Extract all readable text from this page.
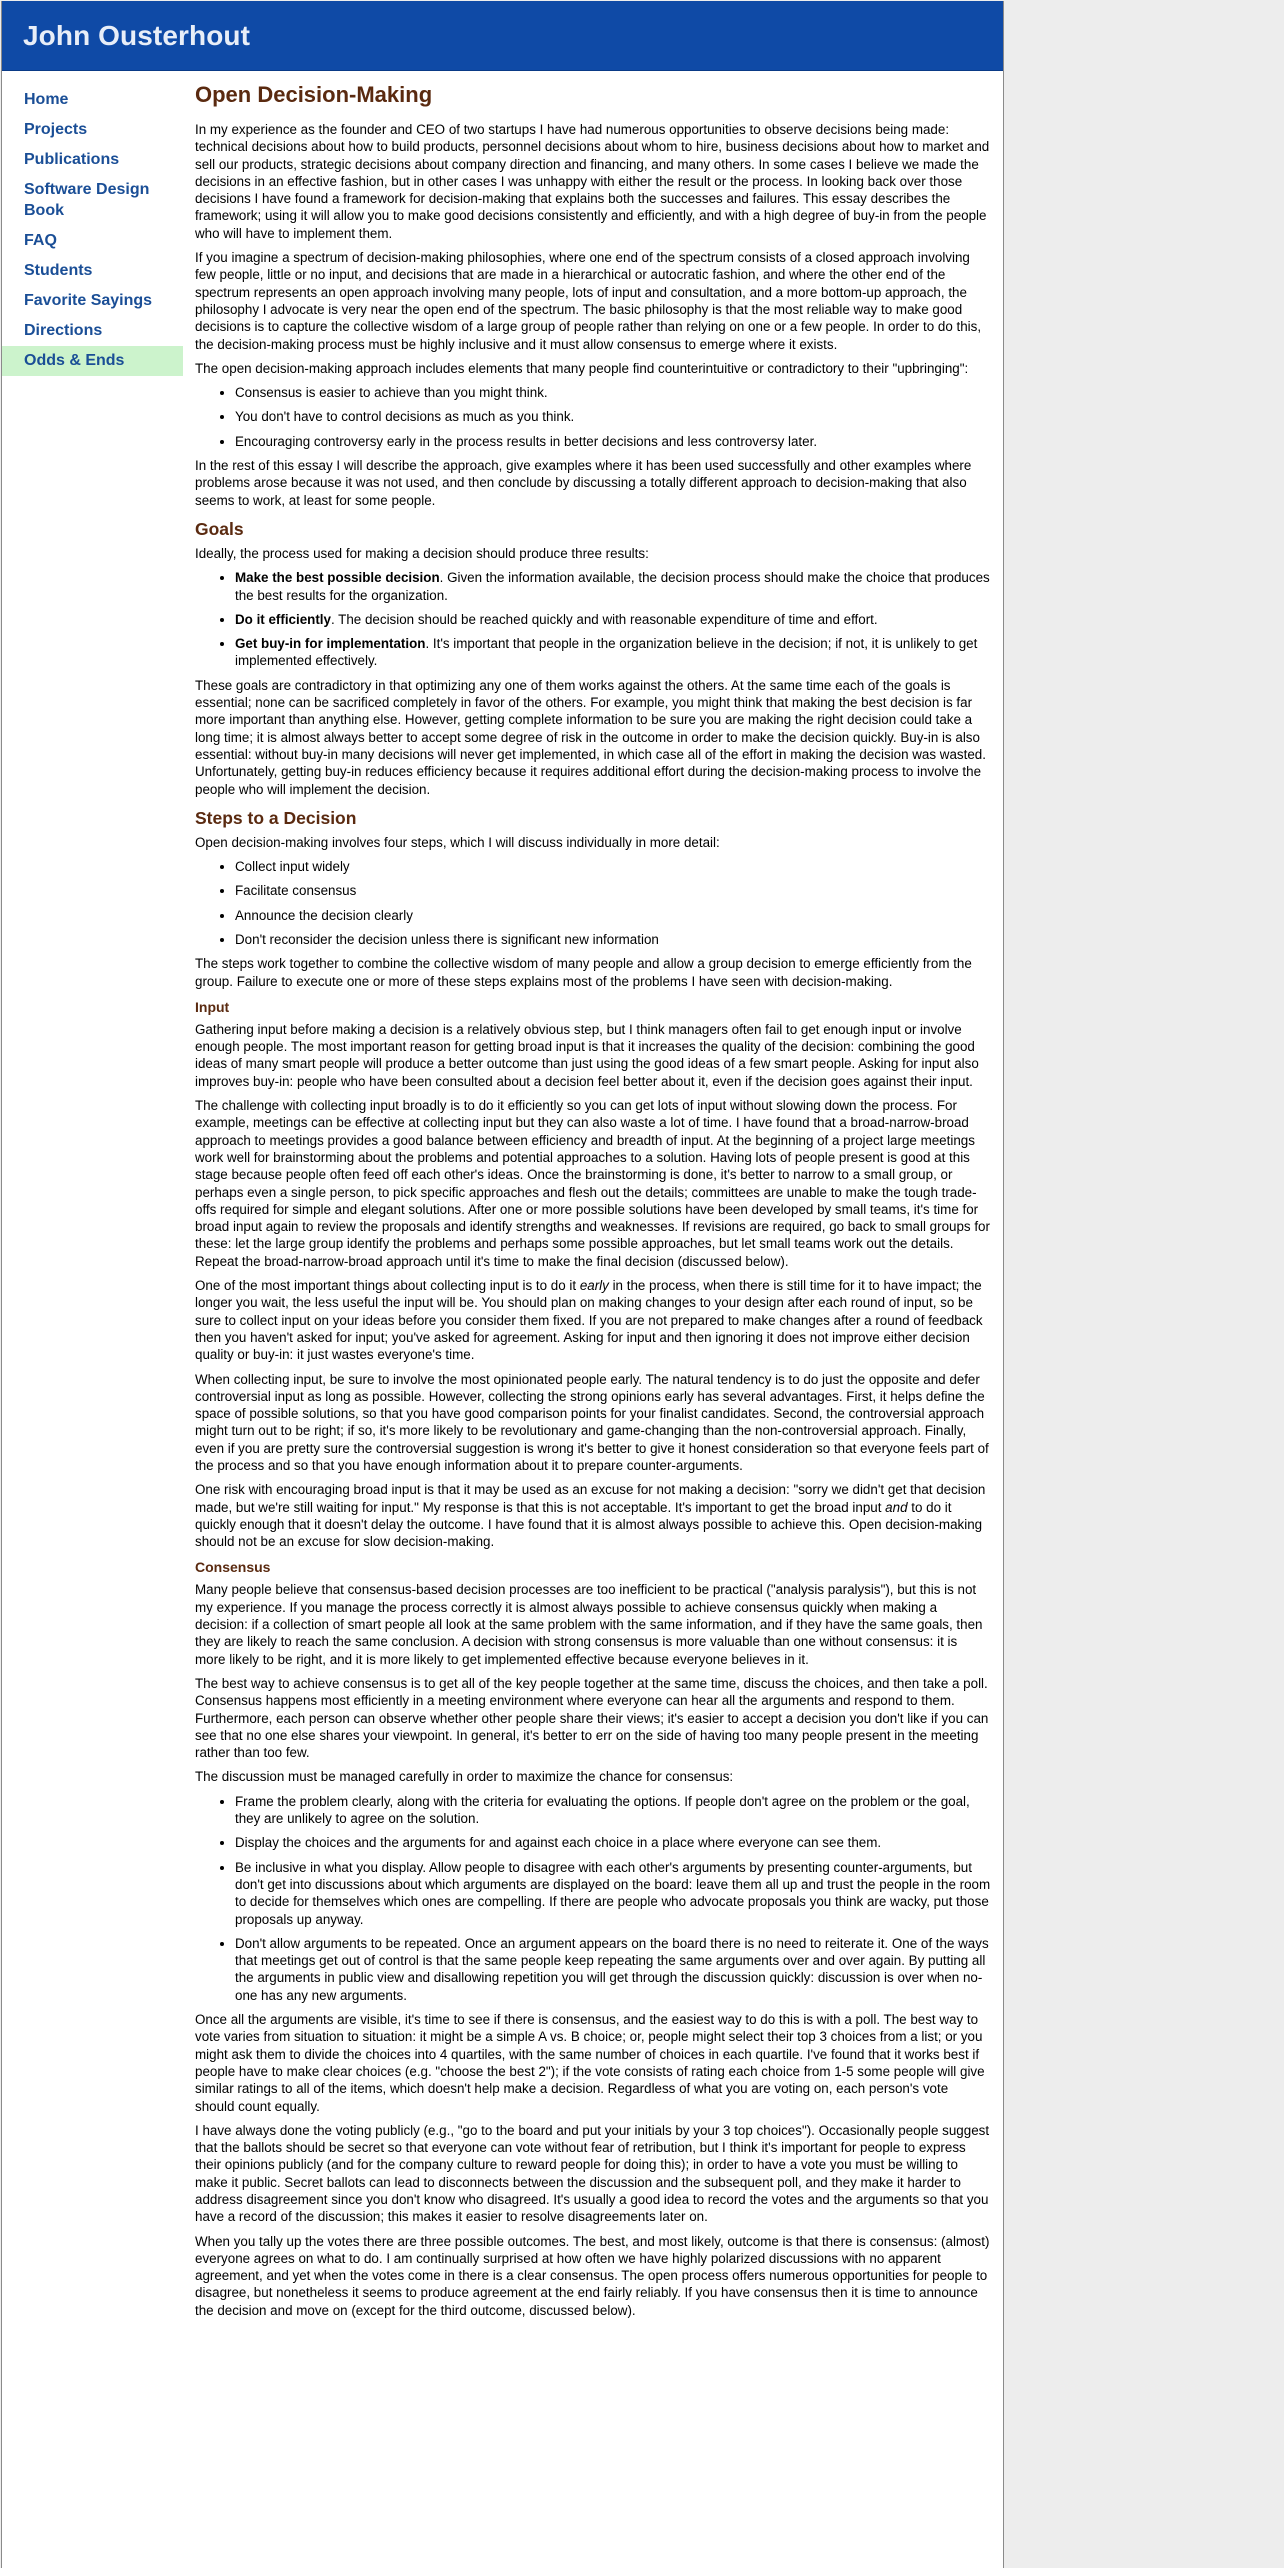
John Ousterhout
Home
Projects
Publications
Software Design Book
FAQ
Students
Favorite Sayings
Directions
Odds & Ends
Open Decision-Making

In my experience as the founder and CEO of two startups I have had numerous opportunities to observe decisions being made: technical decisions about how to build products, personnel decisions about whom to hire, business decisions about how to market and sell our products, strategic decisions about company direction and financing, and many others. In some cases I believe we made the decisions in an effective fashion, but in other cases I was unhappy with either the result or the process. In looking back over those decisions I have found a framework for decision-making that explains both the successes and failures. This essay describes the framework; using it will allow you to make good decisions consistently and efficiently, and with a high degree of buy-in from the people who will have to implement them.

If you imagine a spectrum of decision-making philosophies, where one end of the spectrum consists of a closed approach involving few people, little or no input, and decisions that are made in a hierarchical or autocratic fashion, and where the other end of the spectrum represents an open approach involving many people, lots of input and consultation, and a more bottom-up approach, the philosophy I advocate is very near the open end of the spectrum. The basic philosophy is that the most reliable way to make good decisions is to capture the collective wisdom of a large group of people rather than relying on one or a few people. In order to do this, the decision-making process must be highly inclusive and it must allow consensus to emerge where it exists.

The open decision-making approach includes elements that many people find counterintuitive or contradictory to their "upbringing":

• Consensus is easier to achieve than you might think.
• You don't have to control decisions as much as you think.
• Encouraging controversy early in the process results in better decisions and less controversy later.

In the rest of this essay I will describe the approach, give examples where it has been used successfully and other examples where problems arose because it was not used, and then conclude by discussing a totally different approach to decision-making that also seems to work, at least for some people.

Goals

Ideally, the process used for making a decision should produce three results:

• Make the best possible decision. Given the information available, the decision process should make the choice that produces the best results for the organization.
• Do it efficiently. The decision should be reached quickly and with reasonable expenditure of time and effort.
• Get buy-in for implementation. It's important that people in the organization believe in the decision; if not, it is unlikely to get implemented effectively.

These goals are contradictory in that optimizing any one of them works against the others. At the same time each of the goals is essential; none can be sacrificed completely in favor of the others. For example, you might think that making the best decision is far more important than anything else. However, getting complete information to be sure you are making the right decision could take a long time; it is almost always better to accept some degree of risk in the outcome in order to make the decision quickly. Buy-in is also essential: without buy-in many decisions will never get implemented, in which case all of the effort in making the decision was wasted. Unfortunately, getting buy-in reduces efficiency because it requires additional effort during the decision-making process to involve the people who will implement the decision.

Steps to a Decision

Open decision-making involves four steps, which I will discuss individually in more detail:

• Collect input widely
• Facilitate consensus
• Announce the decision clearly
• Don't reconsider the decision unless there is significant new information

The steps work together to combine the collective wisdom of many people and allow a group decision to emerge efficiently from the group. Failure to execute one or more of these steps explains most of the problems I have seen with decision-making.

Input

Gathering input before making a decision is a relatively obvious step, but I think managers often fail to get enough input or involve enough people. The most important reason for getting broad input is that it increases the quality of the decision: combining the good ideas of many smart people will produce a better outcome than just using the good ideas of a few smart people. Asking for input also improves buy-in: people who have been consulted about a decision feel better about it, even if the decision goes against their input.

The challenge with collecting input broadly is to do it efficiently so you can get lots of input without slowing down the process. For example, meetings can be effective at collecting input but they can also waste a lot of time. I have found that a broad-narrow-broad approach to meetings provides a good balance between efficiency and breadth of input. At the beginning of a project large meetings work well for brainstorming about the problems and potential approaches to a solution. Having lots of people present is good at this stage because people often feed off each other's ideas. Once the brainstorming is done, it's better to narrow to a small group, or perhaps even a single person, to pick specific approaches and flesh out the details; committees are unable to make the tough trade-offs required for simple and elegant solutions. After one or more possible solutions have been developed by small teams, it's time for broad input again to review the proposals and identify strengths and weaknesses. If revisions are required, go back to small groups for these: let the large group identify the problems and perhaps some possible approaches, but let small teams work out the details. Repeat the broad-narrow-broad approach until it's time to make the final decision (discussed below).

One of the most important things about collecting input is to do it early in the process, when there is still time for it to have impact; the longer you wait, the less useful the input will be. You should plan on making changes to your design after each round of input, so be sure to collect input on your ideas before you consider them fixed. If you are not prepared to make changes after a round of feedback then you haven't asked for input; you've asked for agreement. Asking for input and then ignoring it does not improve either decision quality or buy-in: it just wastes everyone's time.

When collecting input, be sure to involve the most opinionated people early. The natural tendency is to do just the opposite and defer controversial input as long as possible. However, collecting the strong opinions early has several advantages. First, it helps define the space of possible solutions, so that you have good comparison points for your finalist candidates. Second, the controversial approach might turn out to be right; if so, it's more likely to be revolutionary and game-changing than the non-controversial approach. Finally, even if you are pretty sure the controversial suggestion is wrong it's better to give it honest consideration so that everyone feels part of the process and so that you have enough information about it to prepare counter-arguments.

One risk with encouraging broad input is that it may be used as an excuse for not making a decision: "sorry we didn't get that decision made, but we're still waiting for input." My response is that this is not acceptable. It's important to get the broad input and to do it quickly enough that it doesn't delay the outcome. I have found that it is almost always possible to achieve this. Open decision-making should not be an excuse for slow decision-making.

Consensus

Many people believe that consensus-based decision processes are too inefficient to be practical ("analysis paralysis"), but this is not my experience. If you manage the process correctly it is almost always possible to achieve consensus quickly when making a decision: if a collection of smart people all look at the same problem with the same information, and if they have the same goals, then they are likely to reach the same conclusion. A decision with strong consensus is more valuable than one without consensus: it is more likely to be right, and it is more likely to get implemented effective because everyone believes in it.

The best way to achieve consensus is to get all of the key people together at the same time, discuss the choices, and then take a poll. Consensus happens most efficiently in a meeting environment where everyone can hear all the arguments and respond to them. Furthermore, each person can observe whether other people share their views; it's easier to accept a decision you don't like if you can see that no one else shares your viewpoint. In general, it's better to err on the side of having too many people present in the meeting rather than too few.

The discussion must be managed carefully in order to maximize the chance for consensus:

• Frame the problem clearly, along with the criteria for evaluating the options. If people don't agree on the problem or the goal, they are unlikely to agree on the solution.
• Display the choices and the arguments for and against each choice in a place where everyone can see them.
• Be inclusive in what you display. Allow people to disagree with each other's arguments by presenting counter-arguments, but don't get into discussions about which arguments are displayed on the board: leave them all up and trust the people in the room to decide for themselves which ones are compelling. If there are people who advocate proposals you think are wacky, put those proposals up anyway.
• Don't allow arguments to be repeated. Once an argument appears on the board there is no need to reiterate it. One of the ways that meetings get out of control is that the same people keep repeating the same arguments over and over again. By putting all the arguments in public view and disallowing repetition you will get through the discussion quickly: discussion is over when no-one has any new arguments.

Once all the arguments are visible, it's time to see if there is consensus, and the easiest way to do this is with a poll. The best way to vote varies from situation to situation: it might be a simple A vs. B choice; or, people might select their top 3 choices from a list; or you might ask them to divide the choices into 4 quartiles, with the same number of choices in each quartile. I've found that it works best if people have to make clear choices (e.g. "choose the best 2"); if the vote consists of rating each choice from 1-5 some people will give similar ratings to all of the items, which doesn't help make a decision. Regardless of what you are voting on, each person's vote should count equally.

I have always done the voting publicly (e.g., "go to the board and put your initials by your 3 top choices"). Occasionally people suggest that the ballots should be secret so that everyone can vote without fear of retribution, but I think it's important for people to express their opinions publicly (and for the company culture to reward people for doing this); in order to have a vote you must be willing to make it public. Secret ballots can lead to disconnects between the discussion and the subsequent poll, and they make it harder to address disagreement since you don't know who disagreed. It's usually a good idea to record the votes and the arguments so that you have a record of the discussion; this makes it easier to resolve disagreements later on.

When you tally up the votes there are three possible outcomes. The best, and most likely, outcome is that there is consensus: (almost) everyone agrees on what to do. I am continually surprised at how often we have highly polarized discussions with no apparent agreement, and yet when the votes come in there is a clear consensus. The open process offers numerous opportunities for people to disagree, but nonetheless it seems to produce agreement at the end fairly reliably. If you have consensus then it is time to announce the decision and move on (except for the third outcome, discussed below).
